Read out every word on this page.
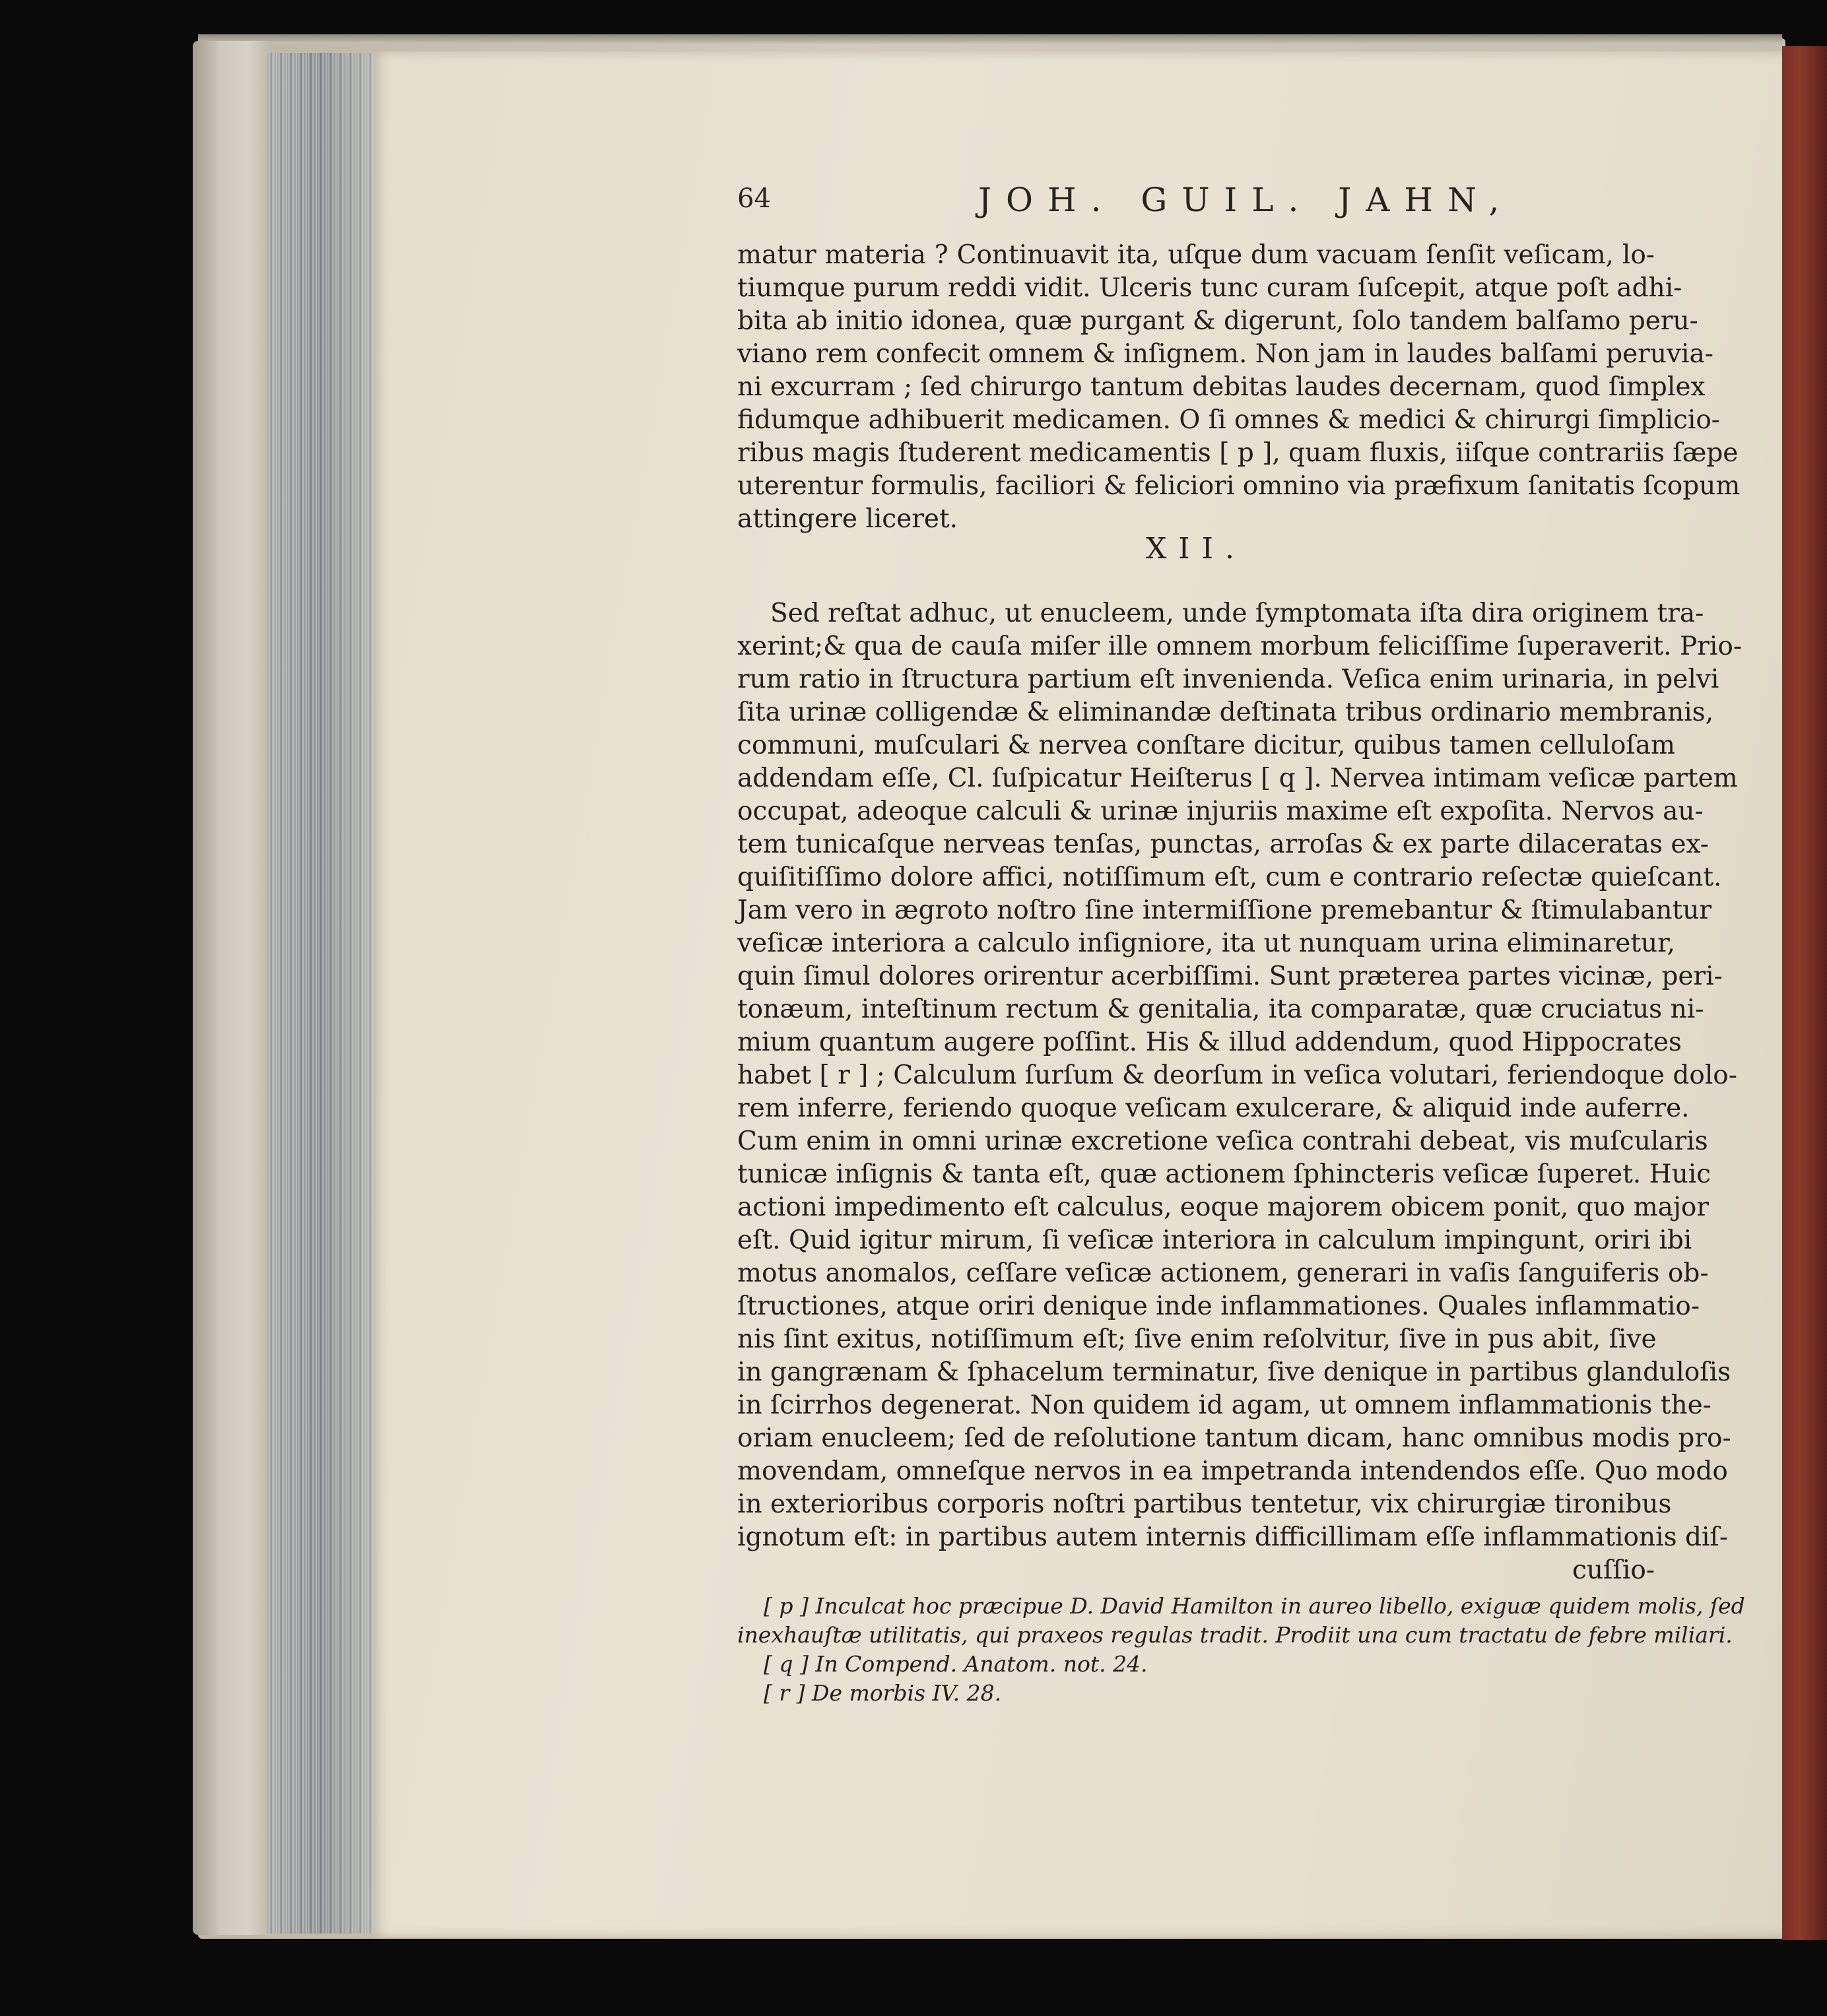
64	JOH. GUIL. JAHN,
matur materia ? Continuavit ita, uſque dum vacuam ſenſit veſicam, lo-
tiumque purum reddi vidit. Ulceris tunc curam ſuſcepit, atque poſt adhi-
bita ab initio idonea, quæ purgant & digerunt, ſolo tandem balſamo peru-
viano rem confecit omnem & inſignem. Non jam in laudes balſami peruvia-
ni excurram ; ſed chirurgo tantum debitas laudes decernam, quod ſimplex
fidumque adhibuerit medicamen. O ſi omnes & medici & chirurgi ſimplicio-
ribus magis ſtuderent medicamentis [ p ], quam fluxis, iiſque contrariis ſæpe
uterentur formulis, faciliori & feliciori omnino via præfixum ſanitatis ſcopum
attingere liceret.
XII.
Sed reſtat adhuc, ut enucleem, unde ſymptomata iſta dira originem tra-
xerint;& qua de cauſa miſer ille omnem morbum feliciſſime ſuperaverit. Prio-
rum ratio in ſtructura partium eſt invenienda. Veſica enim urinaria, in pelvi
ſita urinæ colligendæ & eliminandæ deſtinata tribus ordinario membranis,
communi, muſculari & nervea conſtare dicitur, quibus tamen celluloſam
addendam eſſe, Cl. ſuſpicatur Heiſterus [ q ]. Nervea intimam veſicæ partem
occupat, adeoque calculi & urinæ injuriis maxime eſt expoſita. Nervos au-
tem tunicaſque nerveas tenſas, punctas, arroſas & ex parte dilaceratas ex-
quiſitiſſimo dolore affici, notiſſimum eſt, cum e contrario reſectæ quieſcant.
Jam vero in ægroto noſtro ſine intermiſſione premebantur & ſtimulabantur
veſicæ interiora a calculo inſigniore, ita ut nunquam urina eliminaretur,
quin ſimul dolores orirentur acerbiſſimi. Sunt præterea partes vicinæ, peri-
tonæum, inteſtinum rectum & genitalia, ita comparatæ, quæ cruciatus ni-
mium quantum augere poſſint. His & illud addendum, quod Hippocrates
habet [ r ] ; Calculum ſurſum & deorſum in veſica volutari, feriendoque dolo-
rem inferre, feriendo quoque veſicam exulcerare, & aliquid inde auferre.
Cum enim in omni urinæ excretione veſica contrahi debeat, vis muſcularis
tunicæ inſignis & tanta eſt, quæ actionem ſphincteris veſicæ ſuperet. Huic
actioni impedimento eſt calculus, eoque majorem obicem ponit, quo major
eſt. Quid igitur mirum, ſi veſicæ interiora in calculum impingunt, oriri ibi
motus anomalos, ceſſare veſicæ actionem, generari in vaſis ſanguiferis ob-
ſtructiones, atque oriri denique inde inflammationes. Quales inflammatio-
nis ſint exitus, notiſſimum eſt; ſive enim reſolvitur, ſive in pus abit, ſive
in gangrænam & ſphacelum terminatur, ſive denique in partibus glanduloſis
in ſcirrhos degenerat. Non quidem id agam, ut omnem inflammationis the-
oriam enucleem; ſed de reſolutione tantum dicam, hanc omnibus modis pro-
movendam, omneſque nervos in ea impetranda intendendos eſſe. Quo modo
in exterioribus corporis noſtri partibus tentetur, vix chirurgiæ tironibus
ignotum eſt: in partibus autem internis difficillimam eſſe inflammationis diſ-
cuſſio-
[ p ] Inculcat hoc præcipue D. David Hamilton in aureo libello, exiguæ quidem molis, ſed
inexhauſtæ utilitatis, qui praxeos regulas tradit. Prodiit una cum tractatu de febre miliari.
[ q ] In Compend. Anatom. not. 24.
[ r ] De morbis IV. 28.
